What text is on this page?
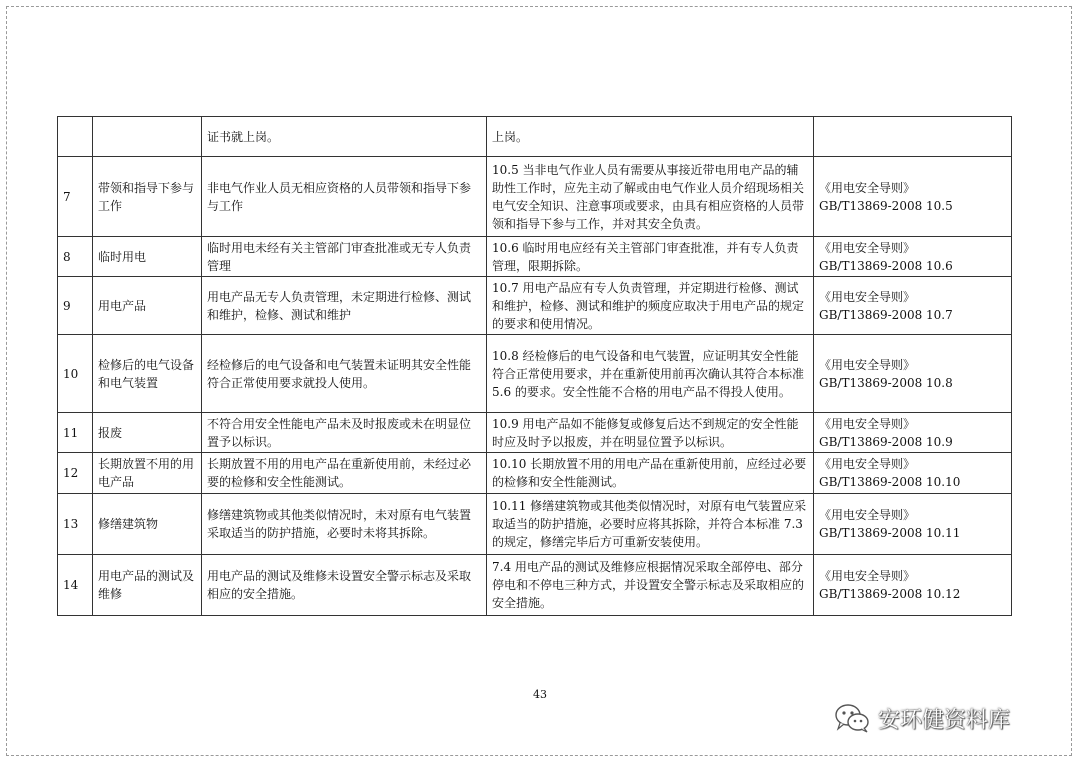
		证书就上岗。	上岗。	

7	带领和指导下参与工作	非电气作业人员无相应资格的人员带领和指导下参与工作	10.5 当非电气作业人员有需要从事接近带电用电产品的辅助性工作时，应先主动了解或由电气作业人员介绍现场相关电气安全知识、注意事项或要求，由具有相应资格的人员带领和指导下参与工作，并对其安全负责。	《用电安全导则》
GB/T13869-2008 10.5
8	临时用电	临时用电未经有关主管部门审查批准或无专人负责管理	10.6 临时用电应经有关主管部门审查批准，并有专人负责管理，限期拆除。	《用电安全导则》
GB/T13869-2008 10.6
9	用电产品	用电产品无专人负责管理，未定期进行检修、测试和维护，检修、测试和维护	10.7 用电产品应有专人负责管理，并定期进行检修、测试和维护，检修、测试和维护的频度应取决于用电产品的规定的要求和使用情况。	《用电安全导则》
GB/T13869-2008 10.7
10	检修后的电气设备和电气装置	经检修后的电气设备和电气装置未证明其安全性能符合正常使用要求就投人使用。	10.8 经检修后的电气设备和电气装置，应证明其安全性能符合正常使用要求，并在重新使用前再次确认其符合本标准 5.6 的要求。安全性能不合格的用电产品不得投人使用。	《用电安全导则》
GB/T13869-2008 10.8
11	报废	不符合用安全性能电产品未及时报废或未在明显位置予以标识。	10.9 用电产品如不能修复或修复后达不到规定的安全性能时应及时予以报废，并在明显位置予以标识。	《用电安全导则》
GB/T13869-2008 10.9
12	长期放置不用的用电产品	长期放置不用的用电产品在重新使用前，未经过必要的检修和安全性能测试。	10.10 长期放置不用的用电产品在重新使用前，应经过必要的检修和安全性能测试。	《用电安全导则》
GB/T13869-2008 10.10
13	修缮建筑物	修缮建筑物或其他类似情况时，未对原有电气装置采取适当的防护措施，必要时未将其拆除。	10.11 修缮建筑物或其他类似情况时，对原有电气装置应采取适当的防护措施，必要时应将其拆除，并符合本标准 7.3 的规定，修缮完毕后方可重新安装使用。	《用电安全导则》
GB/T13869-2008 10.11
14	用电产品的测试及维修	用电产品的测试及维修未设置安全警示标志及采取相应的安全措施。	7.4 用电产品的测试及维修应根据情况采取全部停电、部分停电和不停电三种方式，并设置安全警示标志及采取相应的安全措施。	《用电安全导则》
GB/T13869-2008 10.12
43
安环健资料库
